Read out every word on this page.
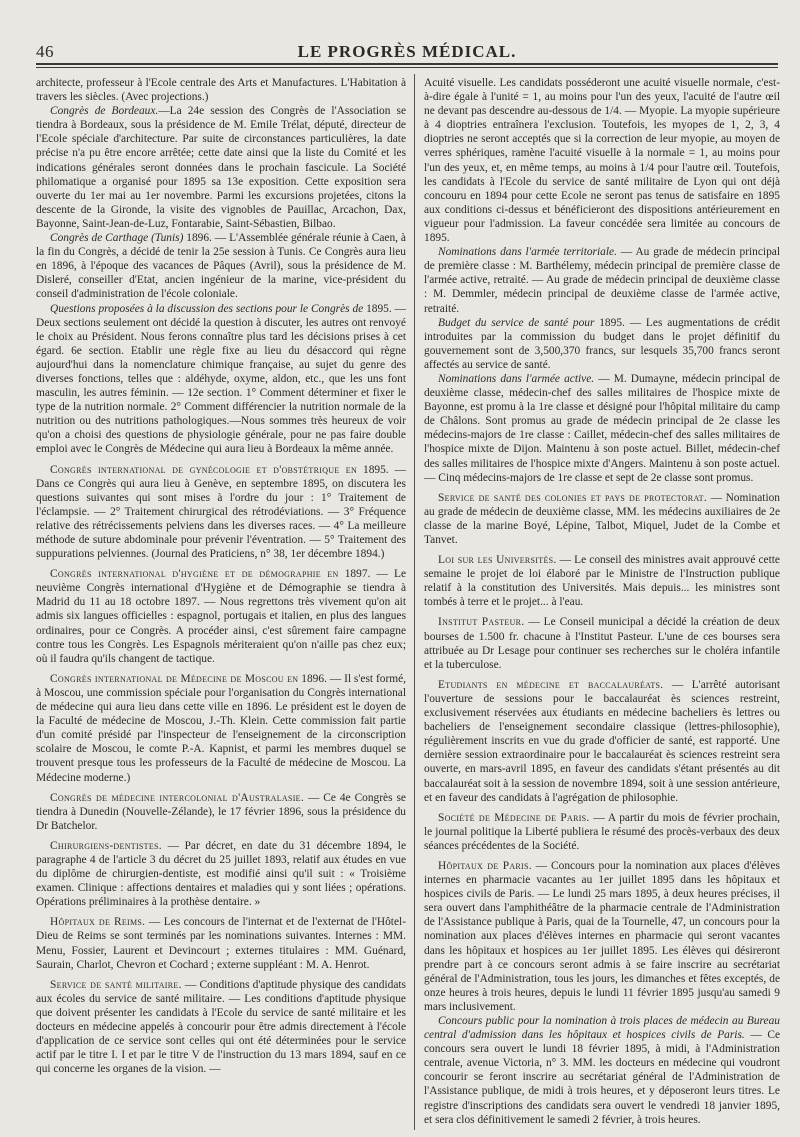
46	LE PROGRÈS MÉDICAL.

architecte, professeur à l'Ecole centrale des Arts et Manufactures. L'Habitation à travers les siècles. (Avec projections.)

Congrès de Bordeaux.—La 24e session des Congrès de l'Association se tiendra à Bordeaux, sous la présidence de M. Emile Trélat, député, directeur de l'Ecole spéciale d'architecture. Par suite de circonstances particulières, la date précise n'a pu être encore arrêtée; cette date ainsi que la liste du Comité et les indications générales seront données dans le prochain fascicule. La Société philomatique a organisé pour 1895 sa 13e exposition. Cette exposition sera ouverte du 1er mai au 1er novembre. Parmi les excursions projetées, citons la descente de la Gironde, la visite des vignobles de Pauillac, Arcachon, Dax, Bayonne, Saint-Jean-de-Luz, Fontarabie, Saint-Sébastien, Bilbao.

Congrès de Carthage (Tunis) 1896. — L'Assemblée générale réunie à Caen, à la fin du Congrès, a décidé de tenir la 25e session à Tunis. Ce Congrès aura lieu en 1896, à l'époque des vacances de Pâques (Avril), sous la présidence de M. Disleré, conseiller d'Etat, ancien ingénieur de la marine, vice-président du conseil d'administration de l'école coloniale.

Questions proposées à la discussion des sections pour le Congrès de 1895. — Deux sections seulement ont décidé la question à discuter, les autres ont renvoyé le choix au Président. Nous ferons connaître plus tard les décisions prises à cet égard. 6e section. Etablir une règle fixe au lieu du désaccord qui règne aujourd'hui dans la nomenclature chimique française, au sujet du genre des diverses fonctions, telles que : aldéhyde, oxyme, aldon, etc., que les uns font masculin, les autres féminin. — 12e section. 1° Comment déterminer et fixer le type de la nutrition normale. 2° Comment différencier la nutrition normale de la nutrition ou des nutritions pathologiques.—Nous sommes très heureux de voir qu'on a choisi des questions de physiologie générale, pour ne pas faire double emploi avec le Congrès de Médecine qui aura lieu à Bordeaux la même année.

Congrès international de gynécologie et d'obstétrique en 1895. — Dans ce Congrès qui aura lieu à Genève, en septembre 1895, on discutera les questions suivantes qui sont mises à l'ordre du jour : 1° Traitement de l'éclampsie. — 2° Traitement chirurgical des rétrodéviations. — 3° Fréquence relative des rétrécissements pelviens dans les diverses races. — 4° La meilleure méthode de suture abdominale pour prévenir l'éventration. — 5° Traitement des suppurations pelviennes. (Journal des Praticiens, n° 38, 1er décembre 1894.)

Congrès international d'hygiène et de démographie en 1897. — Le neuvième Congrès international d'Hygiène et de Démographie se tiendra à Madrid du 11 au 18 octobre 1897. — Nous regrettons très vivement qu'on ait admis six langues officielles : espagnol, portugais et italien, en plus des langues ordinaires, pour ce Congrès. A procéder ainsi, c'est sûrement faire campagne contre tous les Congrès. Les Espagnols mériteraient qu'on n'aille pas chez eux; où il faudra qu'ils changent de tactique.

Congrès international de Médecine de Moscou en 1896. — Il s'est formé, à Moscou, une commission spéciale pour l'organisation du Congrès international de médecine qui aura lieu dans cette ville en 1896. Le président est le doyen de la Faculté de médecine de Moscou, J.-Th. Klein. Cette commission fait partie d'un comité présidé par l'inspecteur de l'enseignement de la circonscription scolaire de Moscou, le comte P.-A. Kapnist, et parmi les membres duquel se trouvent presque tous les professeurs de la Faculté de médecine de Moscou. La Médecine moderne.)

Congrès de médecine intercolonial d'Australasie. — Ce 4e Congrès se tiendra à Dunedin (Nouvelle-Zélande), le 17 février 1896, sous la présidence du Dr Batchelor.

Chirurgiens-dentistes. — Par décret, en date du 31 décembre 1894, le paragraphe 4 de l'article 3 du décret du 25 juillet 1893, relatif aux études en vue du diplôme de chirurgien-dentiste, est modifié ainsi qu'il suit : « Troisième examen. Clinique : affections dentaires et maladies qui y sont liées ; opérations. Opérations préliminaires à la prothèse dentaire. »

Hôpitaux de Reims. — Les concours de l'internat et de l'externat de l'Hôtel-Dieu de Reims se sont terminés par les nominations suivantes. Internes : MM. Menu, Fossier, Laurent et Devincourt ; externes titulaires : MM. Guénard, Saurain, Charlot, Chevron et Cochard ; externe suppléant : M. A. Henrot.

Service de santé militaire. — Conditions d'aptitude physique des candidats aux écoles du service de santé militaire. — Les conditions d'aptitude physique que doivent présenter les candidats à l'Ecole du service de santé militaire et les docteurs en médecine appelés à concourir pour être admis directement à l'école d'application de ce service sont celles qui ont été déterminées pour le service actif par le titre I. I et par le titre V de l'instruction du 13 mars 1894, sauf en ce qui concerne les organes de la vision. —

Acuité visuelle. Les candidats posséderont une acuité visuelle normale, c'est-à-dire égale à l'unité = 1, au moins pour l'un des yeux, l'acuité de l'autre œil ne devant pas descendre au-dessous de 1/4. — Myopie. La myopie supérieure à 4 dioptries entraînera l'exclusion. Toutefois, les myopes de 1, 2, 3, 4 dioptries ne seront acceptés que si la correction de leur myopie, au moyen de verres sphériques, ramène l'acuité visuelle à la normale = 1, au moins pour l'un des yeux, et, en même temps, au moins à 1/4 pour l'autre œil. Toutefois, les candidats à l'Ecole du service de santé militaire de Lyon qui ont déjà concouru en 1894 pour cette Ecole ne seront pas tenus de satisfaire en 1895 aux conditions ci-dessus et bénéficieront des dispositions antérieurement en vigueur pour l'admission. La faveur concédée sera limitée au concours de 1895.

Nominations dans l'armée territoriale. — Au grade de médecin principal de première classe : M. Barthélemy, médecin principal de première classe de l'armée active, retraité. — Au grade de médecin principal de deuxième classe : M. Demmler, médecin principal de deuxième classe de l'armée active, retraité.

Budget du service de santé pour 1895. — Les augmentations de crédit introduites par la commission du budget dans le projet définitif du gouvernement sont de 3,500,370 francs, sur lesquels 35,700 francs seront affectés au service de santé.

Nominations dans l'armée active. — M. Dumayne, médecin principal de deuxième classe, médecin-chef des salles militaires de l'hospice mixte de Bayonne, est promu à la 1re classe et désigné pour l'hôpital militaire du camp de Châlons. Sont promus au grade de médecin principal de 2e classe les médecins-majors de 1re classe : Caillet, médecin-chef des salles militaires de l'hospice mixte de Dijon. Maintenu à son poste actuel. Billet, médecin-chef des salles militaires de l'hospice mixte d'Angers. Maintenu à son poste actuel. — Cinq médecins-majors de 1re classe et sept de 2e classe sont promus.

Service de santé des colonies et pays de protectorat. — Nomination au grade de médecin de deuxième classe, MM. les médecins auxiliaires de 2e classe de la marine Boyé, Lépine, Talbot, Miquel, Judet de la Combe et Tanvet.

Loi sur les Universités. — Le conseil des ministres avait approuvé cette semaine le projet de loi élaboré par le Ministre de l'Instruction publique relatif à la constitution des Universités. Mais depuis... les ministres sont tombés à terre et le projet... à l'eau.

Institut Pasteur. — Le Conseil municipal a décidé la création de deux bourses de 1.500 fr. chacune à l'Institut Pasteur. L'une de ces bourses sera attribuée au Dr Lesage pour continuer ses recherches sur le choléra infantile et la tuberculose.

Etudiants en médecine et baccalauréats. — L'arrêté autorisant l'ouverture de sessions pour le baccalauréat ès sciences restreint, exclusivement réservées aux étudiants en médecine bacheliers ès lettres ou bacheliers de l'enseignement secondaire classique (lettres-philosophie), régulièrement inscrits en vue du grade d'officier de santé, est rapporté. Une dernière session extraordinaire pour le baccalauréat ès sciences restreint sera ouverte, en mars-avril 1895, en faveur des candidats s'étant présentés au dit baccalauréat soit à la session de novembre 1894, soit à une session antérieure, et en faveur des candidats à l'agrégation de philosophie.

Société de Médecine de Paris. — A partir du mois de février prochain, le journal politique la Liberté publiera le résumé des procès-verbaux des deux séances précédentes de la Société.

Hôpitaux de Paris. — Concours pour la nomination aux places d'élèves internes en pharmacie vacantes au 1er juillet 1895 dans les hôpitaux et hospices civils de Paris. — Le lundi 25 mars 1895, à deux heures précises, il sera ouvert dans l'amphithéâtre de la pharmacie centrale de l'Administration de l'Assistance publique à Paris, quai de la Tournelle, 47, un concours pour la nomination aux places d'élèves internes en pharmacie qui seront vacantes dans les hôpitaux et hospices au 1er juillet 1895. Les élèves qui désireront prendre part à ce concours seront admis à se faire inscrire au secrétariat général de l'Administration, tous les jours, les dimanches et fêtes exceptés, de onze heures à trois heures, depuis le lundi 11 février 1895 jusqu'au samedi 9 mars inclusivement.

Concours public pour la nomination à trois places de médecin au Bureau central d'admission dans les hôpitaux et hospices civils de Paris. — Ce concours sera ouvert le lundi 18 février 1895, à midi, à l'Administration centrale, avenue Victoria, n° 3. MM. les docteurs en médecine qui voudront concourir se feront inscrire au secrétariat général de l'Administration de l'Assistance publique, de midi à trois heures, et y déposeront leurs titres. Le registre d'inscriptions des candidats sera ouvert le vendredi 18 janvier 1895, et sera clos définitivement le samedi 2 février, à trois heures.
